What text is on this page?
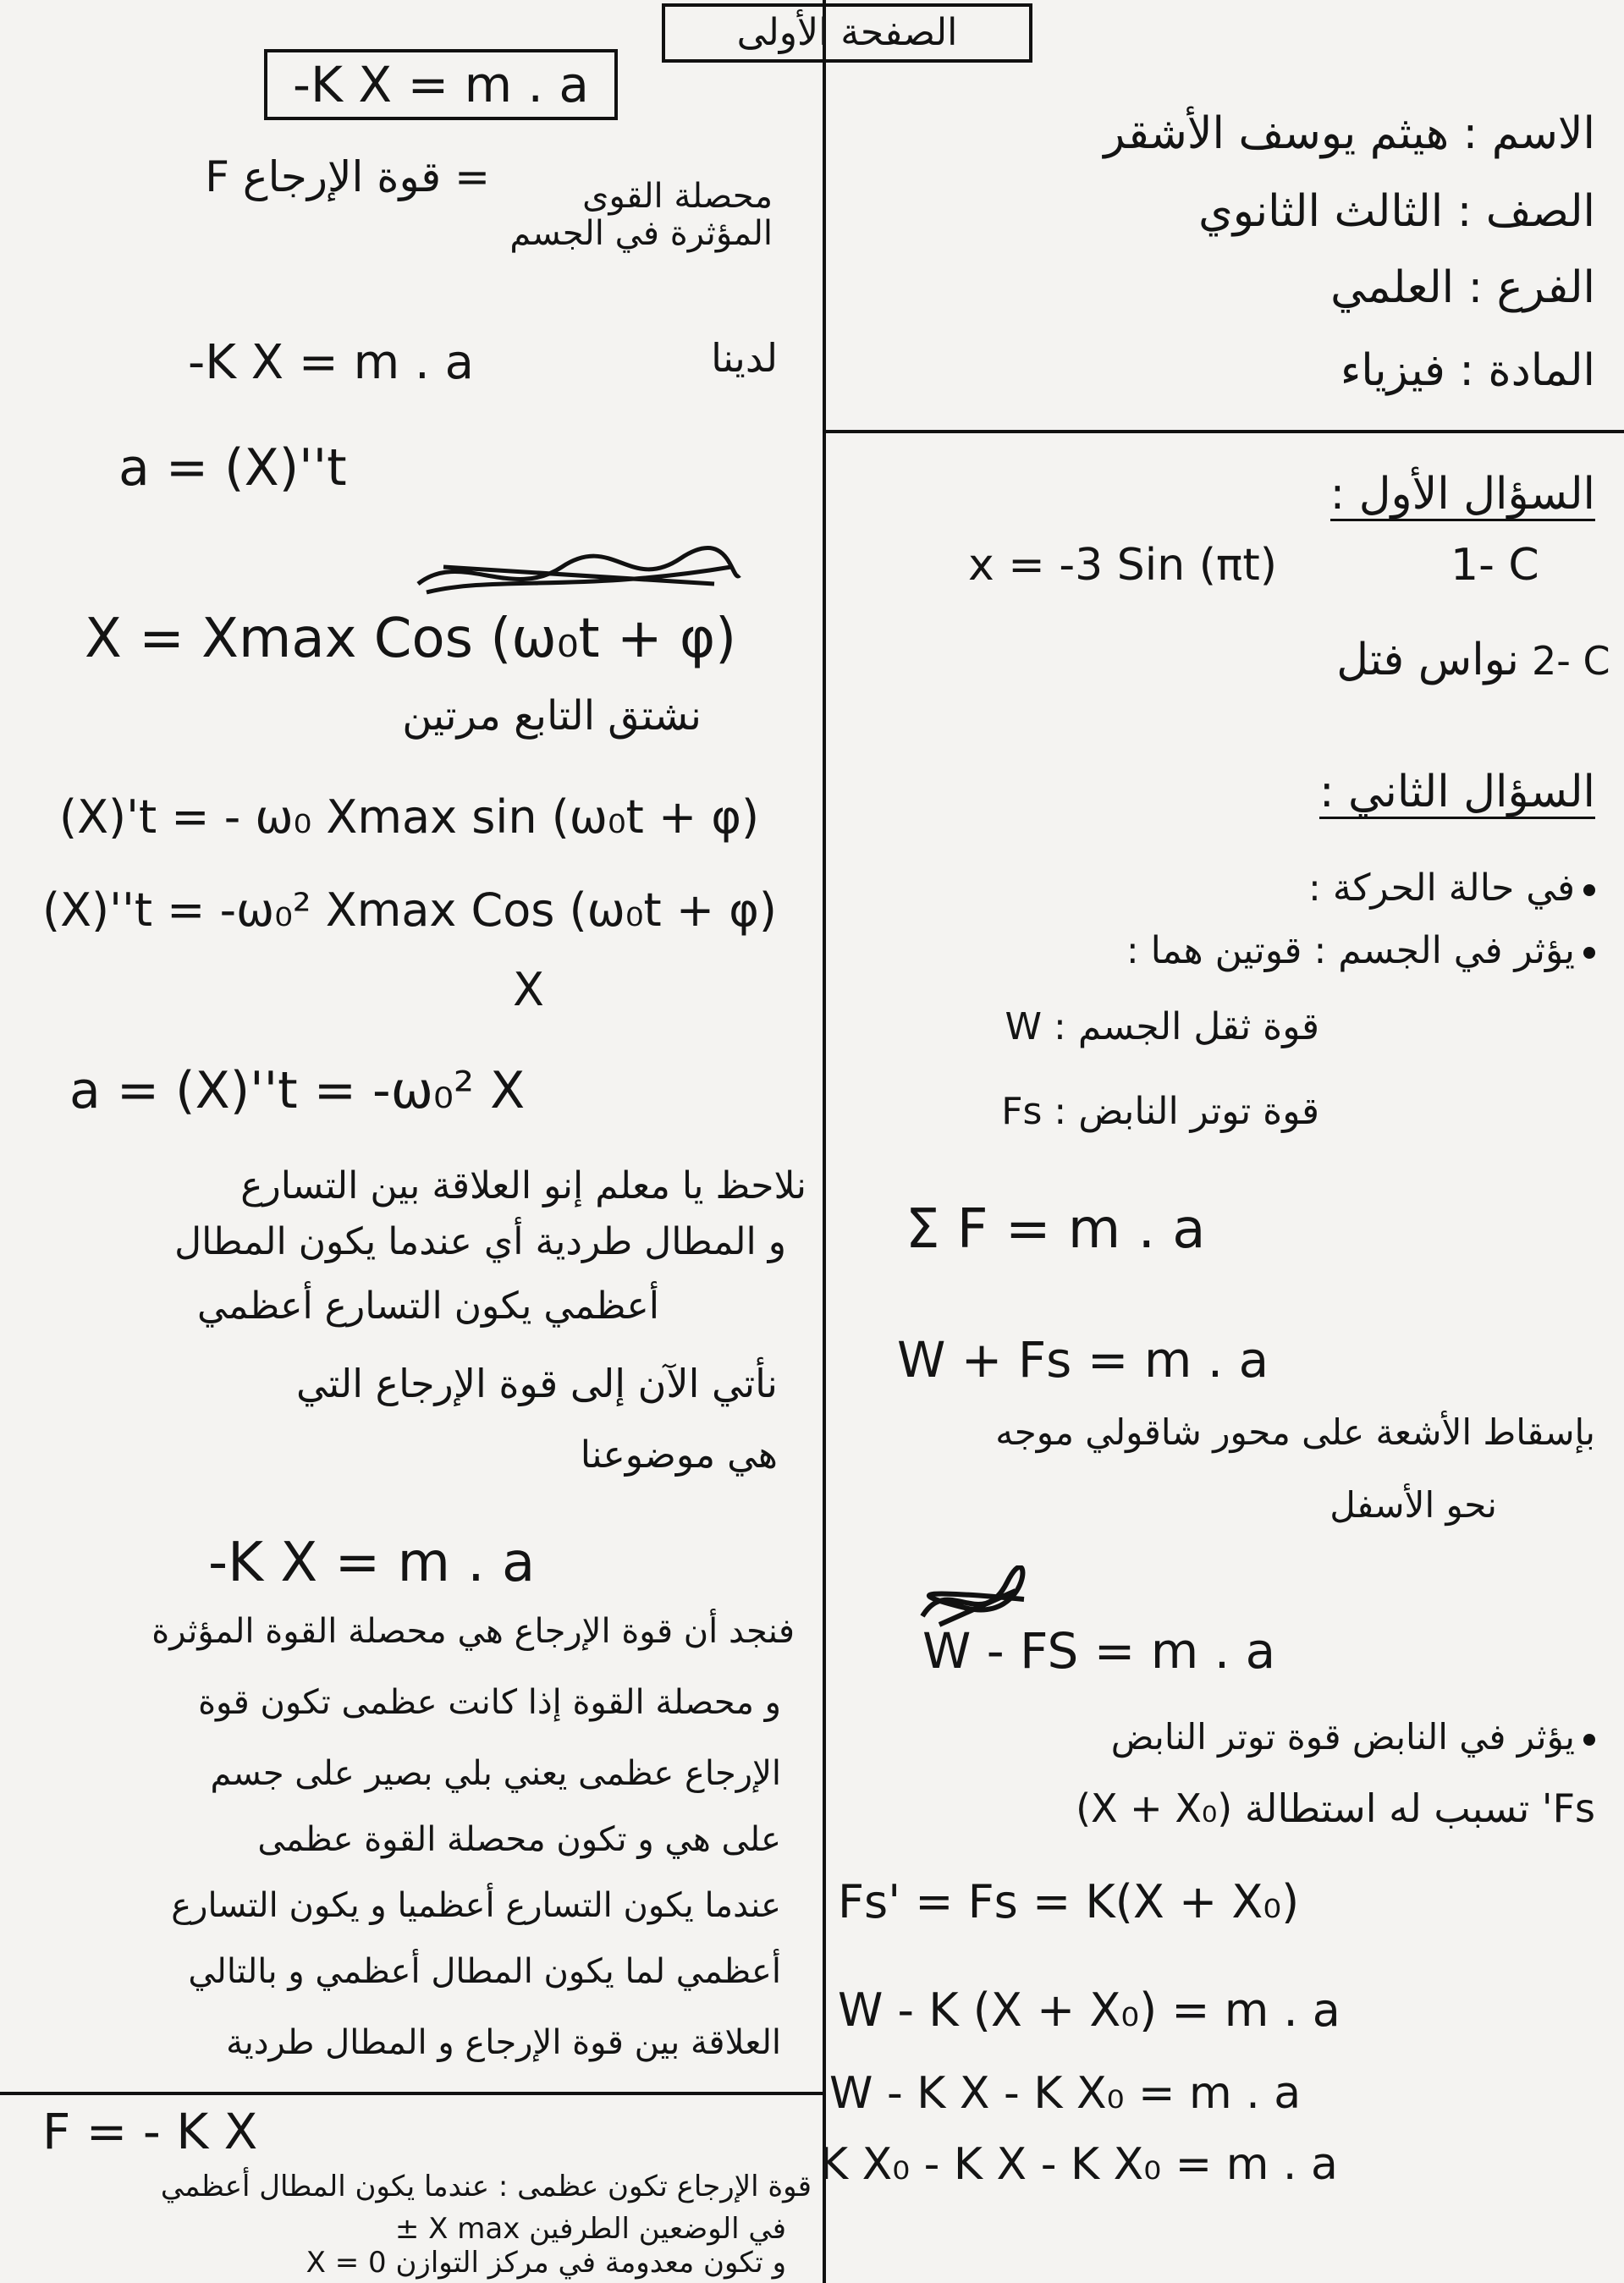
الصفحة الأولى
-K X = m . a
الاسم : هيثم يوسف الأشقر
الصف : الثالث الثانوي
الفرع : العلمي
المادة : فيزياء
السؤال الأول :
x = -3 Sin (πt)	1- C
2- C
نواس فتل
السؤال الثاني :
في حالة الحركة :
يؤثر في الجسم : قوتين هما :
قوة ثقل الجسم : W
قوة توتر النابض : Fs
Σ F = m . a
W + Fs = m . a
بإسقاط الأشعة على محور شاقولي موجه
نحو الأسفل
W - FS = m . a
يؤثر في النابض قوة توتر النابض
Fs' تسبب له استطالة (X + X₀)
Fs' = Fs = K(X + X₀)
W - K (X + X₀) = m . a
W - K X - K X₀ = m . a
K X₀ - K X - K X₀ = m . a
محصلة القوى المؤثرة في الجسم
= قوة الإرجاع F
-K X = m . a	لدينا
a = (X)''t
X = Xmax Cos (ω₀t + φ)
نشتق التابع مرتين
(X)'t = - ω₀ Xmax sin (ω₀t + φ)
(X)''t = -ω₀² Xmax Cos (ω₀t + φ)
X
a = (X)''t = -ω₀² X
نلاحظ يا معلم إنو العلاقة بين التسارع
و المطال طردية أي عندما يكون المطال
أعظمي يكون التسارع أعظمي
نأتي الآن إلى قوة الإرجاع التي
هي موضوعنا
-K X = m . a
فنجد أن قوة الإرجاع هي محصلة القوة المؤثرة
و محصلة القوة إذا كانت عظمى تكون قوة
الإرجاع عظمى يعني بلي بصير على جسم
على هي و تكون محصلة القوة عظمى
عندما يكون التسارع أعظميا و يكون التسارع
أعظمي لما يكون المطال أعظمي و بالتالي
العلاقة بين قوة الإرجاع و المطال طردية
F = - K X
قوة الإرجاع تكون عظمى : عندما يكون المطال أعظمي
في الوضعين الطرفين X max ±
و تكون معدومة في مركز التوازن X = 0
